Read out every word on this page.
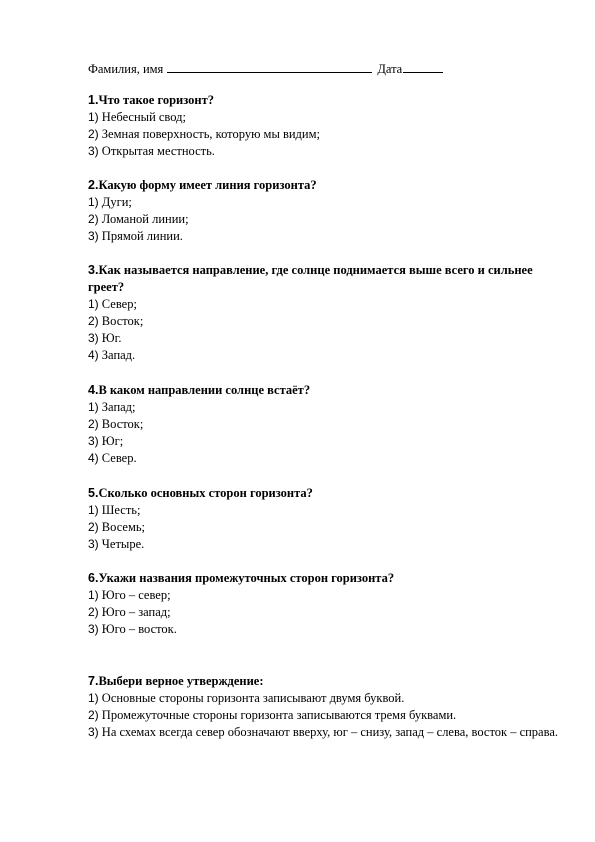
Фамилия, имя	Дата
1.Что такое горизонт?
1) Небесный свод;
2) Земная поверхность, которую мы видим;
3) Открытая местность.
2.Какую форму имеет линия горизонта?
1) Дуги;
2) Ломаной линии;
3) Прямой линии.
3.Как называется направление, где солнце поднимается выше всего и сильнее греет?
1) Север;
2) Восток;
3) Юг.
4) Запад.
4.В каком направлении солнце встаёт?
1) Запад;
2) Восток;
3) Юг;
4) Север.
5.Сколько основных сторон горизонта?
1) Шесть;
2) Восемь;
3) Четыре.
6.Укажи названия промежуточных сторон горизонта?
1) Юго – север;
2) Юго – запад;
3) Юго – восток.
7.Выбери верное утверждение:
1) Основные стороны горизонта записывают двумя буквой.
2) Промежуточные стороны горизонта записываются тремя буквами.
3) На схемах всегда север обозначают вверху, юг – снизу, запад – слева, восток – справа.
